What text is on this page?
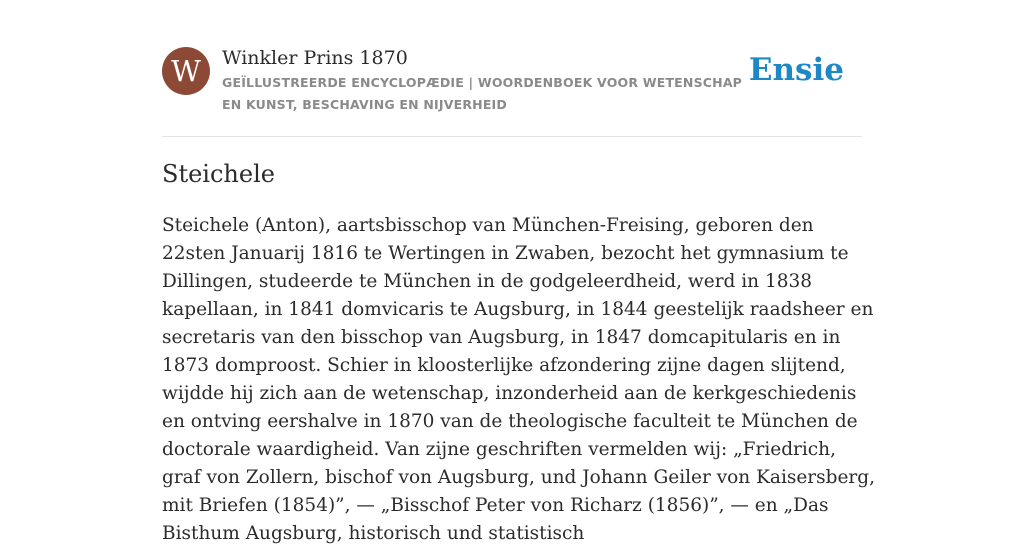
W	Winkler Prins 1870
GEÏLLUSTREERDE ENCYCLOPÆDIE | WOORDENBOEK VOOR WETENSCHAP EN KUNST, BESCHAVING EN NIJVERHEID
Ensie
Steichele

Steichele (Anton), aartsbisschop van München-Freising, geboren den 22sten Januarij 1816 te Wertingen in Zwaben, bezocht het gymnasium te Dillingen, studeerde te München in de godgeleerdheid, werd in 1838 kapellaan, in 1841 domvicaris te Augsburg, in 1844 geestelijk raadsheer en secretaris van den bisschop van Augsburg, in 1847 domcapitularis en in 1873 domproost. Schier in kloosterlijke afzondering zijne dagen slijtend, wijdde hij zich aan de wetenschap, inzonderheid aan de kerkgeschiedenis en ontving eershalve in 1870 van de theologische faculteit te München de doctorale waardigheid. Van zijne geschriften vermelden wij: „Friedrich, graf von Zollern, bischof von Augsburg, und Johann Geiler von Kaisersberg, mit Briefen (1854)”, — „Bisschof Peter von Richarz (1856)”, — en „Das Bisthum Augsburg, historisch und statistisch
